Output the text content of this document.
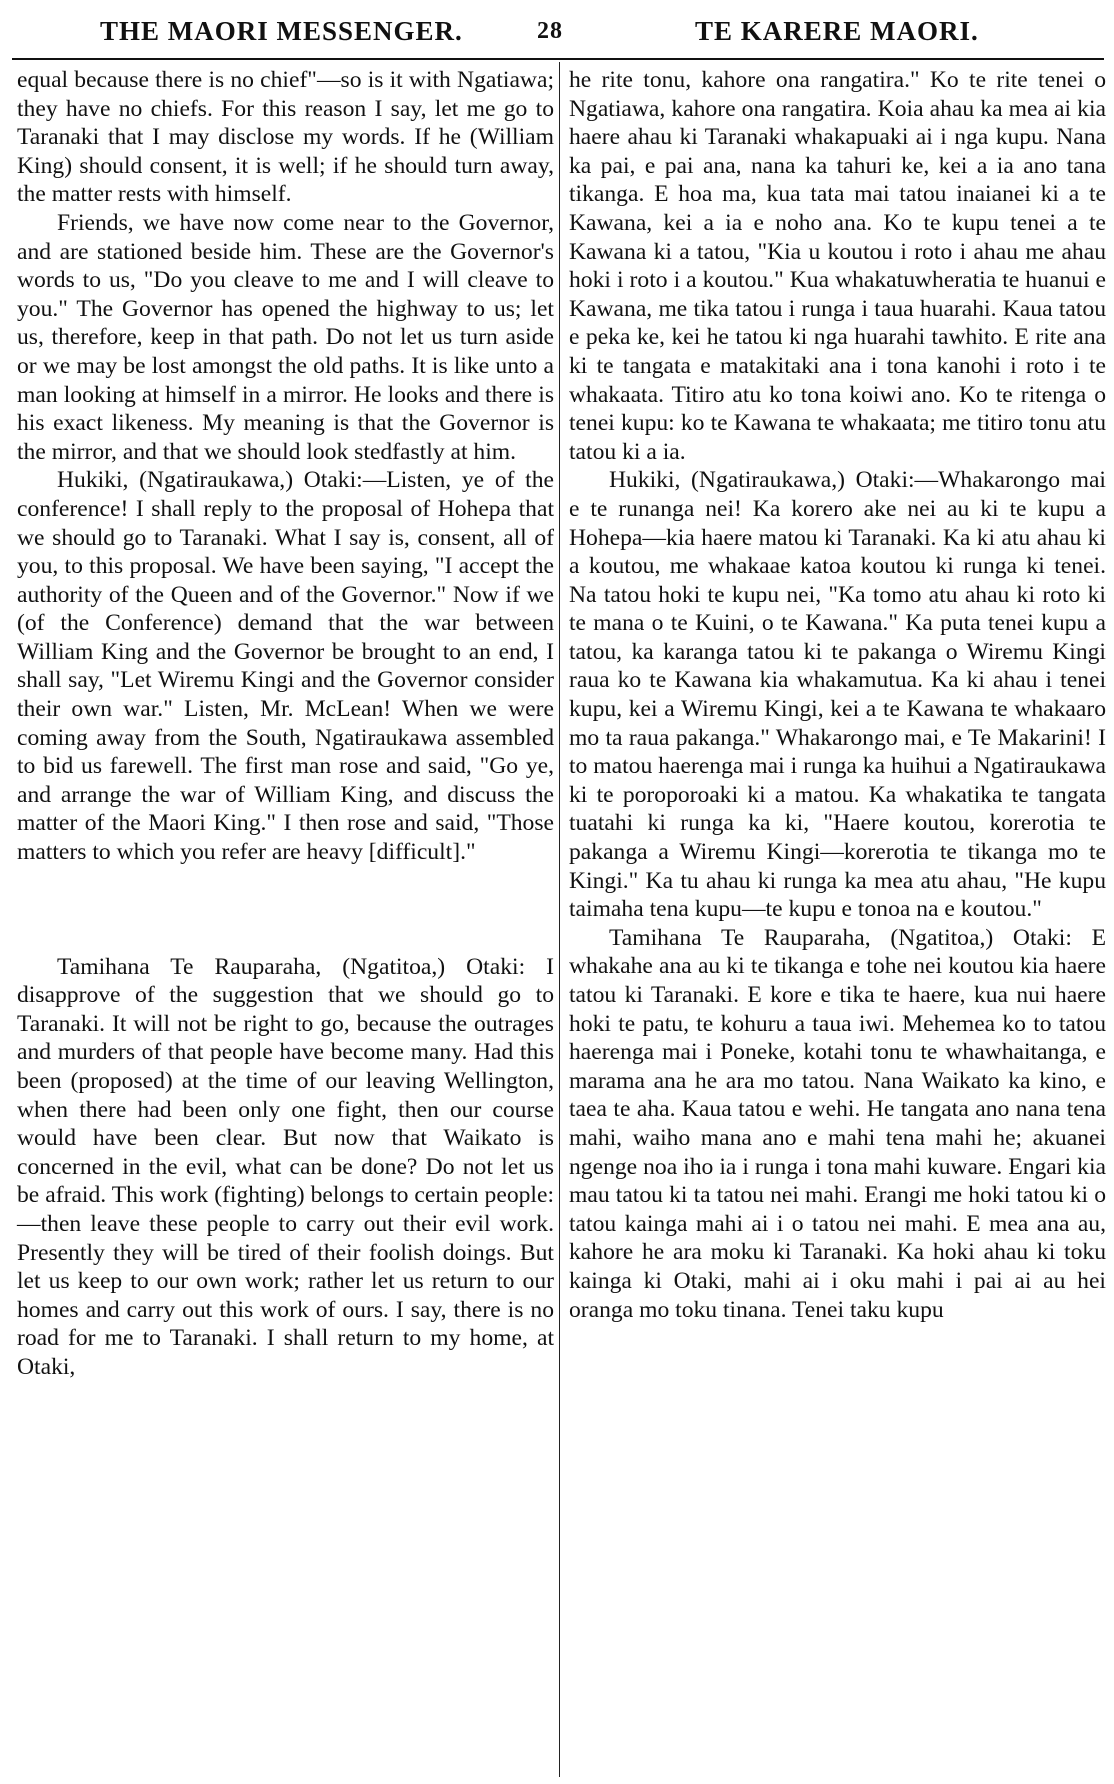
THE MAORI MESSENGER.	28	TE KARERE MAORI.

equal because there is no chief"—so is it with Ngatiawa; they have no chiefs. For this reason I say, let me go to Taranaki that I may disclose my words. If he (William King) should consent, it is well; if he should turn away, the matter rests with himself.

Friends, we have now come near to the Governor, and are stationed beside him. These are the Governor's words to us, "Do you cleave to me and I will cleave to you." The Governor has opened the highway to us; let us, therefore, keep in that path. Do not let us turn aside or we may be lost amongst the old paths. It is like unto a man looking at himself in a mirror. He looks and there is his exact likeness. My meaning is that the Governor is the mirror, and that we should look stedfastly at him.

Hukiki, (Ngatiraukawa,) Otaki:—Listen, ye of the conference! I shall reply to the proposal of Hohepa that we should go to Taranaki. What I say is, consent, all of you, to this proposal. We have been saying, "I accept the authority of the Queen and of the Governor." Now if we (of the Conference) demand that the war between William King and the Governor be brought to an end, I shall say, "Let Wiremu Kingi and the Governor consider their own war." Listen, Mr. McLean! When we were coming away from the South, Ngatiraukawa assembled to bid us farewell. The first man rose and said, "Go ye, and arrange the war of William King, and discuss the matter of the Maori King." I then rose and said, "Those matters to which you refer are heavy [difficult]."

Tamihana Te Rauparaha, (Ngatitoa,) Otaki: I disapprove of the suggestion that we should go to Taranaki. It will not be right to go, because the outrages and murders of that people have become many. Had this been (proposed) at the time of our leaving Wellington, when there had been only one fight, then our course would have been clear. But now that Waikato is concerned in the evil, what can be done? Do not let us be afraid. This work (fighting) belongs to certain people:—then leave these people to carry out their evil work. Presently they will be tired of their foolish doings. But let us keep to our own work; rather let us return to our homes and carry out this work of ours. I say, there is no road for me to Taranaki. I shall return to my home, at Otaki,

he rite tonu, kahore ona rangatira." Ko te rite tenei o Ngatiawa, kahore ona rangatira. Koia ahau ka mea ai kia haere ahau ki Taranaki whakapuaki ai i nga kupu. Nana ka pai, e pai ana, nana ka tahuri ke, kei a ia ano tana tikanga. E hoa ma, kua tata mai tatou inaianei ki a te Kawana, kei a ia e noho ana. Ko te kupu tenei a te Kawana ki a tatou, "Kia u koutou i roto i ahau me ahau hoki i roto i a koutou." Kua whakatuwheratia te huanui e Kawana, me tika tatou i runga i taua huarahi. Kaua tatou e peka ke, kei he tatou ki nga huarahi tawhito. E rite ana ki te tangata e matakitaki ana i tona kanohi i roto i te whakaata. Titiro atu ko tona koiwi ano. Ko te ritenga o tenei kupu: ko te Kawana te whakaata; me titiro tonu atu tatou ki a ia.

Hukiki, (Ngatiraukawa,) Otaki:—Whakarongo mai e te runanga nei! Ka korero ake nei au ki te kupu a Hohepa—kia haere matou ki Taranaki. Ka ki atu ahau ki a koutou, me whakaae katoa koutou ki runga ki tenei. Na tatou hoki te kupu nei, "Ka tomo atu ahau ki roto ki te mana o te Kuini, o te Kawana." Ka puta tenei kupu a tatou, ka karanga tatou ki te pakanga o Wiremu Kingi raua ko te Kawana kia whakamutua. Ka ki ahau i tenei kupu, kei a Wiremu Kingi, kei a te Kawana te whakaaro mo ta raua pakanga." Whakarongo mai, e Te Makarini! I to matou haerenga mai i runga ka huihui a Ngatiraukawa ki te poroporoaki ki a matou. Ka whakatika te tangata tuatahi ki runga ka ki, "Haere koutou, korerotia te pakanga a Wiremu Kingi—korerotia te tikanga mo te Kingi." Ka tu ahau ki runga ka mea atu ahau, "He kupu taimaha tena kupu—te kupu e tonoa na e koutou."

Tamihana Te Rauparaha, (Ngatitoa,) Otaki: E whakahe ana au ki te tikanga e tohe nei koutou kia haere tatou ki Taranaki. E kore e tika te haere, kua nui haere hoki te patu, te kohuru a taua iwi. Mehemea ko to tatou haerenga mai i Poneke, kotahi tonu te whawhaitanga, e marama ana he ara mo tatou. Nana Waikato ka kino, e taea te aha. Kaua tatou e wehi. He tangata ano nana tena mahi, waiho mana ano e mahi tena mahi he; akuanei ngenge noa iho ia i runga i tona mahi kuware. Engari kia mau tatou ki ta tatou nei mahi. Erangi me hoki tatou ki o tatou kainga mahi ai i o tatou nei mahi. E mea ana au, kahore he ara moku ki Taranaki. Ka hoki ahau ki toku kainga ki Otaki, mahi ai i oku mahi i pai ai au hei oranga mo toku tinana. Tenei taku kupu
